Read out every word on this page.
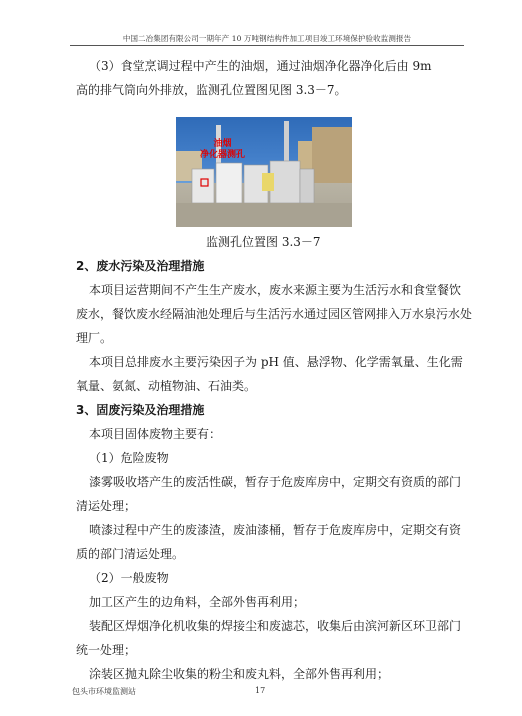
中国二冶集团有限公司一期年产 10 万吨钢结构件加工项目竣工环境保护验收监测报告
（3）食堂烹调过程中产生的油烟，通过油烟净化器净化后由 9m
高的排气筒向外排放，监测孔位置图见图 3.3－7。
油烟
净化器测孔
监测孔位置图 3.3－7
2、废水污染及治理措施
本项目运营期间不产生生产废水，废水来源主要为生活污水和食堂餐饮
废水，餐饮废水经隔油池处理后与生活污水通过园区管网排入万水泉污水处
理厂。
本项目总排废水主要污染因子为 pH 值、悬浮物、化学需氧量、生化需
氧量、氨氮、动植物油、石油类。
3、固废污染及治理措施
本项目固体废物主要有：
（1）危险废物
漆雾吸收塔产生的废活性碳，暂存于危废库房中，定期交有资质的部门
清运处理；
喷漆过程中产生的废漆渣，废油漆桶，暂存于危废库房中，定期交有资
质的部门清运处理。
（2）一般废物
加工区产生的边角料，全部外售再利用；
装配区焊烟净化机收集的焊接尘和废滤芯，收集后由滨河新区环卫部门
统一处理；
涂装区抛丸除尘收集的粉尘和废丸料，全部外售再利用；
包头市环境监测站	17
